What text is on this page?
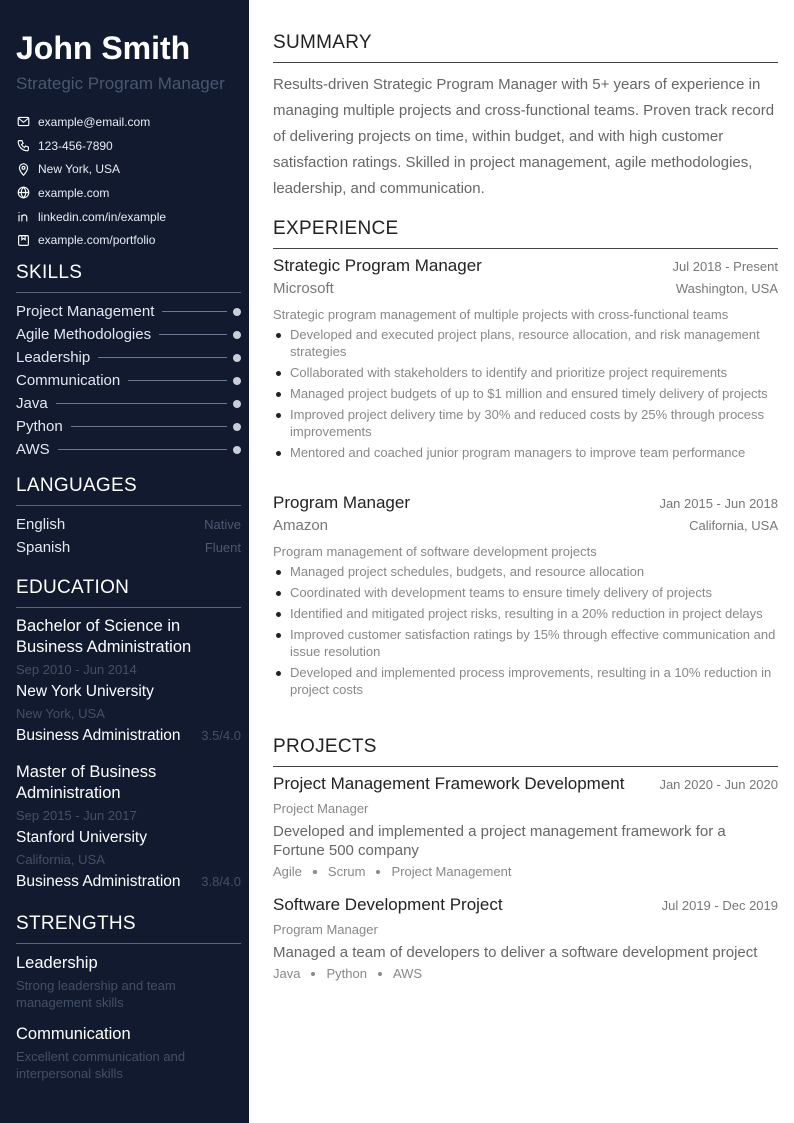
John Smith
Strategic Program Manager
example@email.com
123-456-7890
New York, USA
example.com
linkedin.com/in/example
example.com/portfolio
SKILLS
Project Management
Agile Methodologies
Leadership
Communication
Java
Python
AWS
LANGUAGES
English	Native
Spanish	Fluent
EDUCATION
Bachelor of Science in Business Administration
Sep 2010 - Jun 2014
New York University
New York, USA
Business Administration 3.5/4.0
Master of Business Administration
Sep 2015 - Jun 2017
Stanford University
California, USA
Business Administration 3.8/4.0
STRENGTHS
Leadership
Strong leadership and team management skills
Communication
Excellent communication and interpersonal skills
SUMMARY
Results-driven Strategic Program Manager with 5+ years of experience in managing multiple projects and cross-functional teams. Proven track record of delivering projects on time, within budget, and with high customer satisfaction ratings. Skilled in project management, agile methodologies, leadership, and communication.
EXPERIENCE
Strategic Program Manager	Jul 2018 - Present
Microsoft	Washington, USA
Strategic program management of multiple projects with cross-functional teams
Developed and executed project plans, resource allocation, and risk management strategies
Collaborated with stakeholders to identify and prioritize project requirements
Managed project budgets of up to $1 million and ensured timely delivery of projects
Improved project delivery time by 30% and reduced costs by 25% through process improvements
Mentored and coached junior program managers to improve team performance
Program Manager	Jan 2015 - Jun 2018
Amazon	California, USA
Program management of software development projects
Managed project schedules, budgets, and resource allocation
Coordinated with development teams to ensure timely delivery of projects
Identified and mitigated project risks, resulting in a 20% reduction in project delays
Improved customer satisfaction ratings by 15% through effective communication and issue resolution
Developed and implemented process improvements, resulting in a 10% reduction in project costs
PROJECTS
Project Management Framework Development	Jan 2020 - Jun 2020
Project Manager
Developed and implemented a project management framework for a Fortune 500 company
Agile Scrum Project Management
Software Development Project	Jul 2019 - Dec 2019
Program Manager
Managed a team of developers to deliver a software development project
Java Python AWS
